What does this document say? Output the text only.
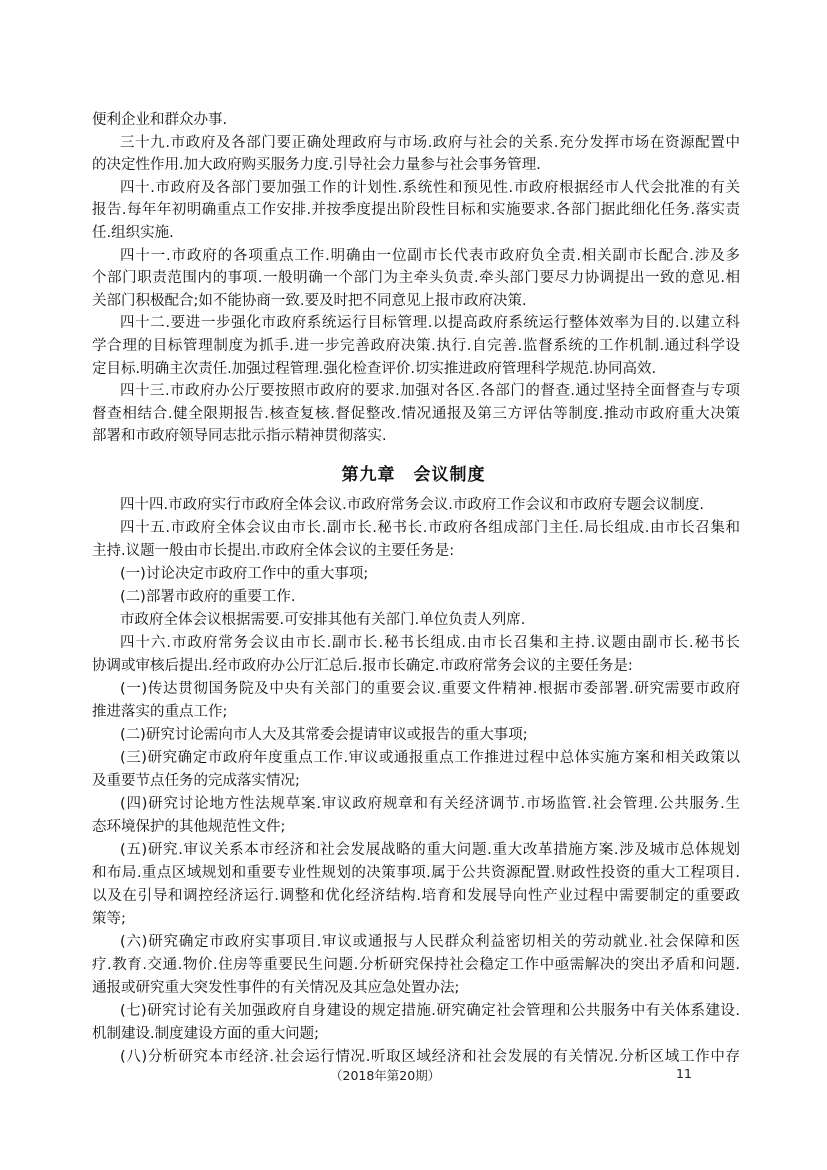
便利企业和群众办事.
三十九.市政府及各部门要正确处理政府与市场.政府与社会的关系.充分发挥市场在资源配置中
的决定性作用.加大政府购买服务力度.引导社会力量参与社会事务管理.
四十.市政府及各部门要加强工作的计划性.系统性和预见性.市政府根据经市人代会批准的有关
报告.每年年初明确重点工作安排.并按季度提出阶段性目标和实施要求.各部门据此细化任务.落实责
任.组织实施.
四十一.市政府的各项重点工作.明确由一位副市长代表市政府负全责.相关副市长配合.涉及多
个部门职责范围内的事项.一般明确一个部门为主牵头负责.牵头部门要尽力协调提出一致的意见.相
关部门积极配合;如不能协商一致.要及时把不同意见上报市政府决策.
四十二.要进一步强化市政府系统运行目标管理.以提高政府系统运行整体效率为目的.以建立科
学合理的目标管理制度为抓手.进一步完善政府决策.执行.自完善.监督系统的工作机制.通过科学设
定目标.明确主次责任.加强过程管理.强化检查评价.切实推进政府管理科学规范.协同高效.
四十三.市政府办公厅要按照市政府的要求.加强对各区.各部门的督查.通过坚持全面督查与专项
督查相结合.健全限期报告.核查复核.督促整改.情况通报及第三方评估等制度.推动市政府重大决策
部署和市政府领导同志批示指示精神贯彻落实.
第九章　会议制度
四十四.市政府实行市政府全体会议.市政府常务会议.市政府工作会议和市政府专题会议制度.
四十五.市政府全体会议由市长.副市长.秘书长.市政府各组成部门主任.局长组成.由市长召集和
主持.议题一般由市长提出.市政府全体会议的主要任务是:
(一)讨论决定市政府工作中的重大事项;
(二)部署市政府的重要工作.
市政府全体会议根据需要.可安排其他有关部门.单位负责人列席.
四十六.市政府常务会议由市长.副市长.秘书长组成.由市长召集和主持.议题由副市长.秘书长
协调或审核后提出.经市政府办公厅汇总后.报市长确定.市政府常务会议的主要任务是:
(一)传达贯彻国务院及中央有关部门的重要会议.重要文件精神.根据市委部署.研究需要市政府
推进落实的重点工作;
(二)研究讨论需向市人大及其常委会提请审议或报告的重大事项;
(三)研究确定市政府年度重点工作.审议或通报重点工作推进过程中总体实施方案和相关政策以
及重要节点任务的完成落实情况;
(四)研究讨论地方性法规草案.审议政府规章和有关经济调节.市场监管.社会管理.公共服务.生
态环境保护的其他规范性文件;
(五)研究.审议关系本市经济和社会发展战略的重大问题.重大改革措施方案.涉及城市总体规划
和布局.重点区域规划和重要专业性规划的决策事项.属于公共资源配置.财政性投资的重大工程项目.
以及在引导和调控经济运行.调整和优化经济结构.培育和发展导向性产业过程中需要制定的重要政
策等;
(六)研究确定市政府实事项目.审议或通报与人民群众利益密切相关的劳动就业.社会保障和医
疗.教育.交通.物价.住房等重要民生问题.分析研究保持社会稳定工作中亟需解决的突出矛盾和问题.
通报或研究重大突发性事件的有关情况及其应急处置办法;
(七)研究讨论有关加强政府自身建设的规定措施.研究确定社会管理和公共服务中有关体系建设.
机制建设.制度建设方面的重大问题;
(八)分析研究本市经济.社会运行情况.听取区域经济和社会发展的有关情况.分析区域工作中存
（2018年第20期）	11
